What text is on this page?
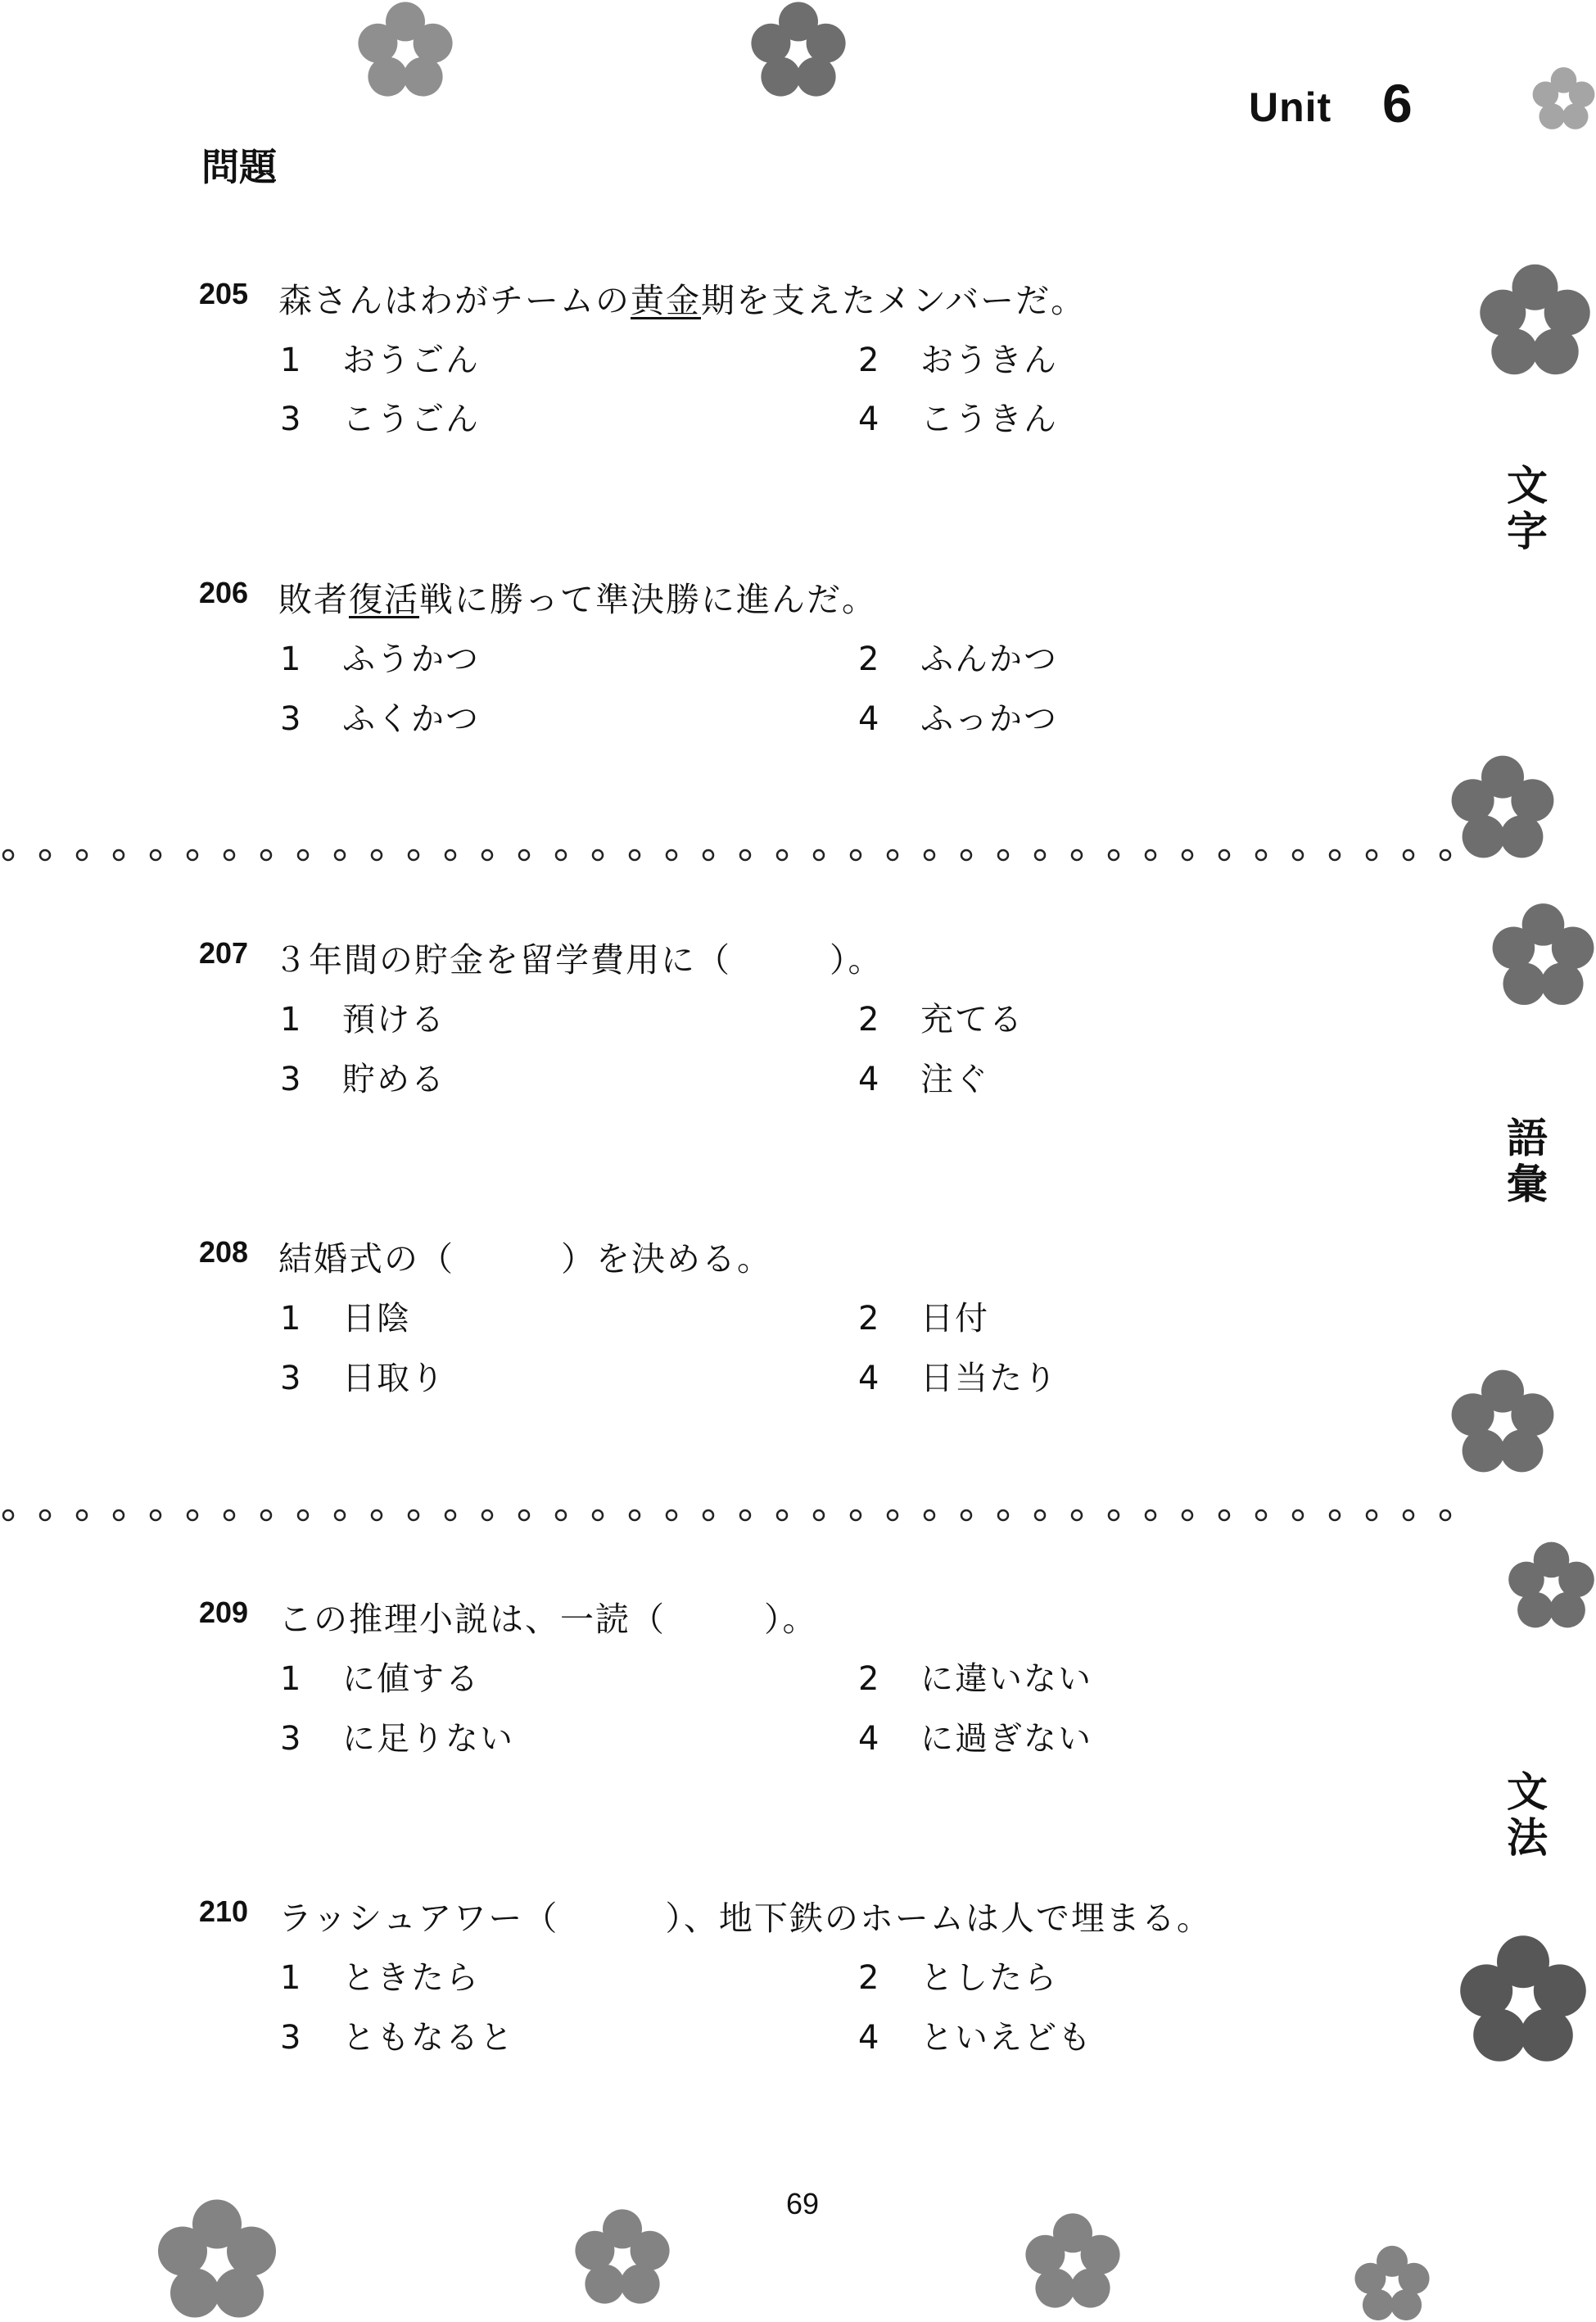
Unit 6
問題
文
字
語
彙
文
法
205 森さんはわがチームの黄金期を支えたメンバーだ。
1 おうごん	2 おうきん
3 こうごん	4 こうきん
206 敗者復活戦に勝って準決勝に進んだ。
1 ふうかつ	2 ふんかつ
3 ふくかつ	4 ふっかつ
207 ３年間の貯金を留学費用に（	）。
1 預ける	2 充てる
3 貯める	4 注ぐ
208 結婚式の（	）を決める。
1 日陰	2 日付
3 日取り	4 日当たり
209 この推理小説は、一読（	）。
1 に値する	2 に違いない
3 に足りない	4 に過ぎない
210 ラッシュアワー（	）、地下鉄のホームは人で埋まる。
1 ときたら	2 としたら
3 ともなると	4 といえども
69
